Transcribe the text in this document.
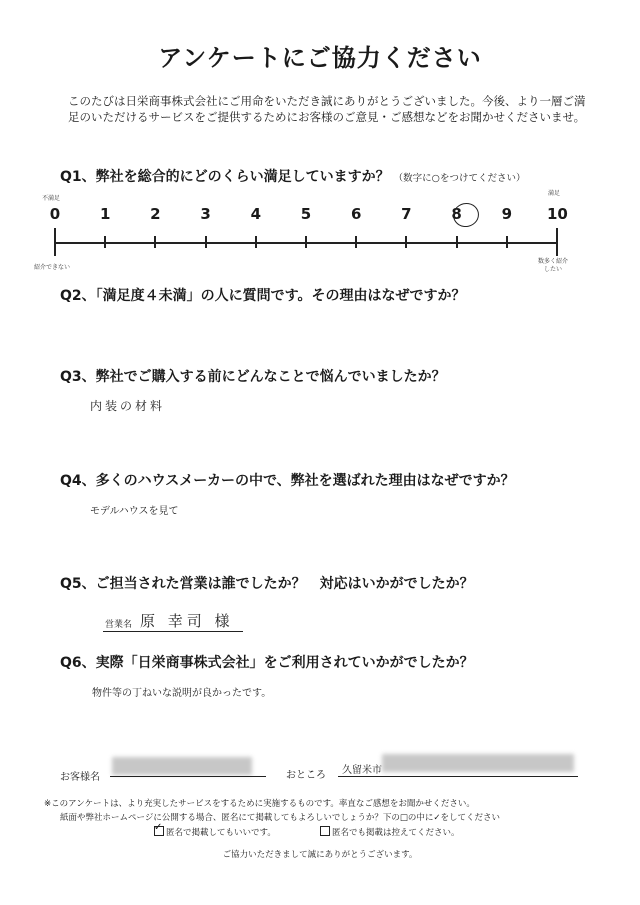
アンケートにご協力ください
このたびは日栄商事株式会社にご用命をいただき誠にありがとうございました。今後、より一層ご満足のいただけるサービスをご提供するためにお客様のご意見・ご感想などをお聞かせくださいませ。
Q1、弊社を総合的にどのくらい満足していますか？ （数字に○をつけてください）
不満足
満足
0	1	2	3	4	5	6	7	8	9	10
紹介できない
数多く紹介したい
Q2、「満足度４未満」の人に質問です。その理由はなぜですか？
Q3、弊社でご購入する前にどんなことで悩んでいましたか？
内装の材料
Q4、多くのハウスメーカーの中で、弊社を選ばれた理由はなぜですか？
モデルハウスを見て
Q5、ご担当された営業は誰でしたか？　対応はいかがでしたか？
営業名 原 幸司 様
Q6、実際「日栄商事株式会社」をご利用されていかがでしたか？
物件等の丁ねいな説明が良かったです。
お客様名	おところ 久留米市
※このアンケートは、より充実したサービスをするために実施するものです。率直なご感想をお聞かせください。
紙面や弊社ホームページに公開する場合、匿名にて掲載してもよろしいでしょうか？下の□の中に✓をしてください
✓匿名で掲載してもいいです。	匿名でも掲載は控えてください。
ご協力いただきまして誠にありがとうございます。
